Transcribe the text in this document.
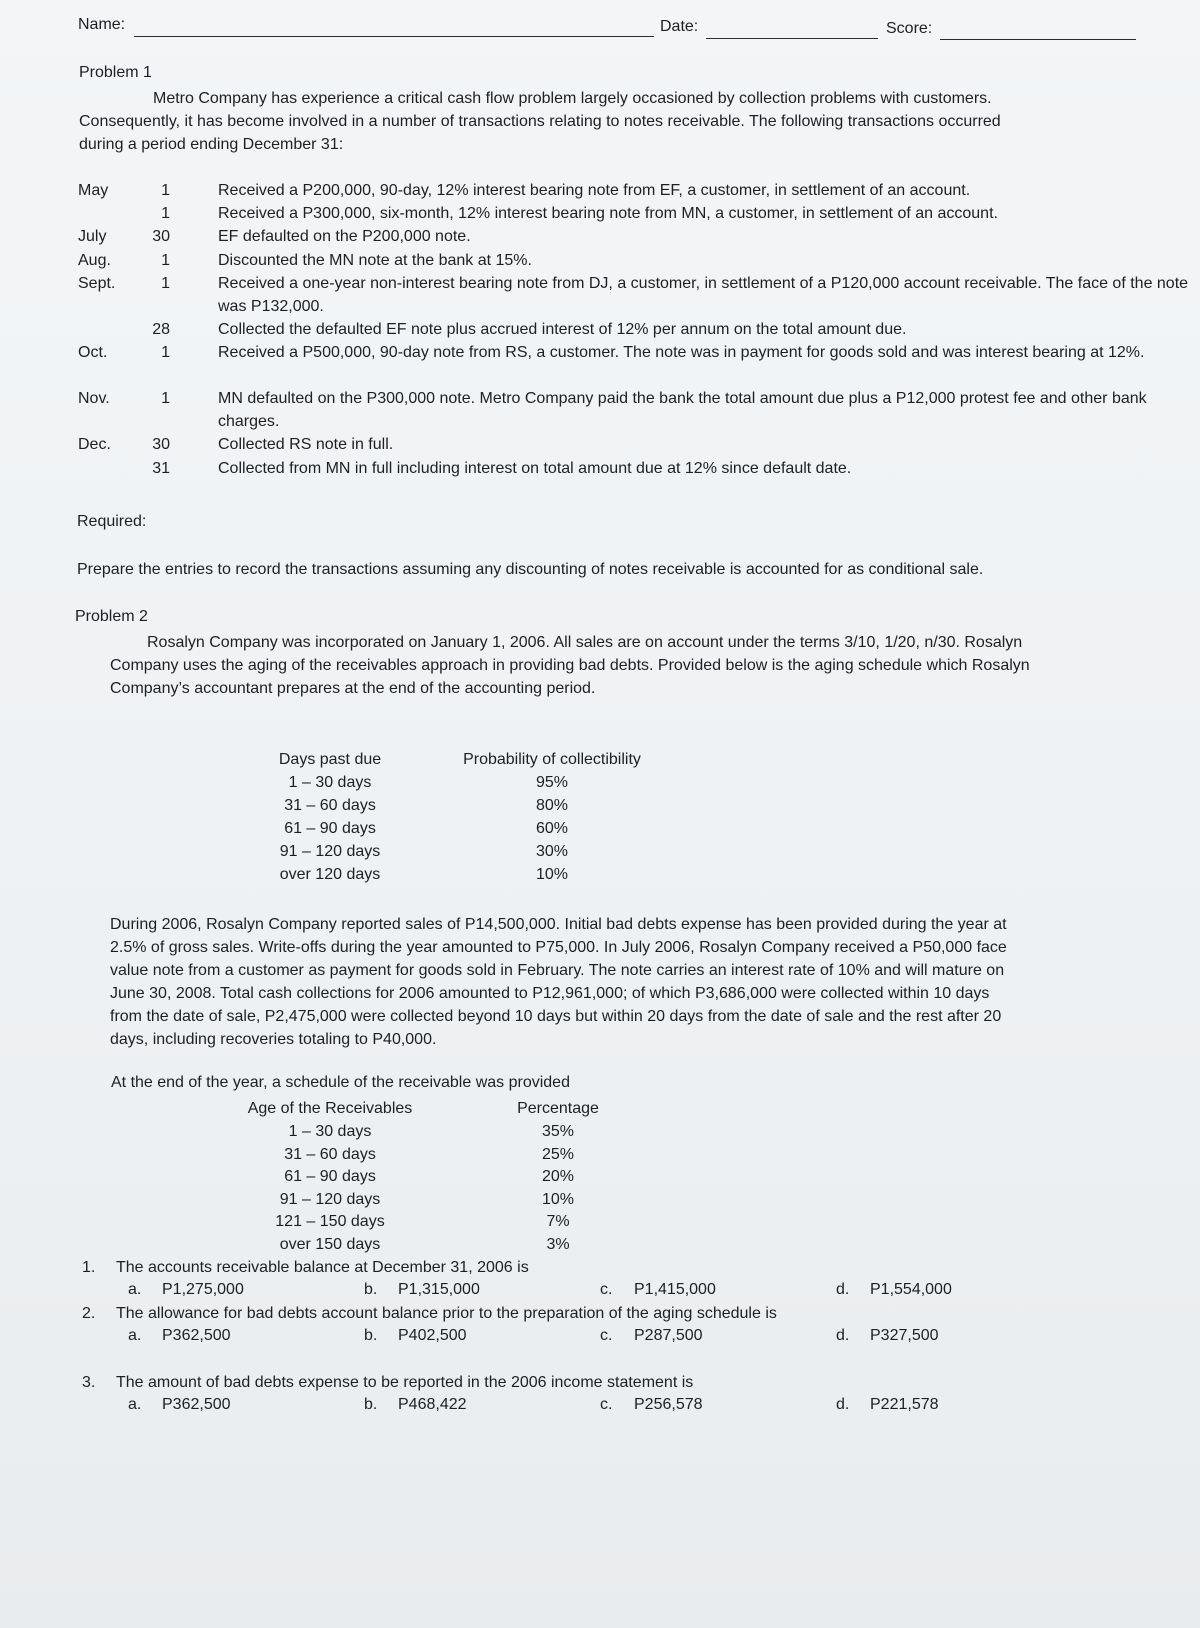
Name:	Date:	Score:
Problem 1
Metro Company has experience a critical cash flow problem largely occasioned by collection problems with customers.
Consequently, it has become involved in a number of transactions relating to notes receivable. The following transactions occurred
during a period ending December 31:
May	1	Received a P200,000, 90-day, 12% interest bearing note from EF, a customer, in settlement of an account.
1	Received a P300,000, six-month, 12% interest bearing note from MN, a customer, in settlement of an account.
July	30	EF defaulted on the P200,000 note.
Aug.	1	Discounted the MN note at the bank at 15%.
Sept.	1	Received a one-year non-interest bearing note from DJ, a customer, in settlement of a P120,000 account receivable. The face of the note was P132,000.
28	Collected the defaulted EF note plus accrued interest of 12% per annum on the total amount due.
Oct.	1	Received a P500,000, 90-day note from RS, a customer. The note was in payment for goods sold and was interest bearing at 12%.
Nov.	1	MN defaulted on the P300,000 note. Metro Company paid the bank the total amount due plus a P12,000 protest fee and other bank charges.
Dec.	30	Collected RS note in full.
31	Collected from MN in full including interest on total amount due at 12% since default date.
Required:
Prepare the entries to record the transactions assuming any discounting of notes receivable is accounted for as conditional sale.
Problem 2
Rosalyn Company was incorporated on January 1, 2006. All sales are on account under the terms 3/10, 1/20, n/30. Rosalyn
Company uses the aging of the receivables approach in providing bad debts. Provided below is the aging schedule which Rosalyn
Company’s accountant prepares at the end of the accounting period.
Days past due	Probability of collectibility
1 – 30 days	95%
31 – 60 days	80%
61 – 90 days	60%
91 – 120 days	30%
over 120 days	10%
During 2006, Rosalyn Company reported sales of P14,500,000. Initial bad debts expense has been provided during the year at
2.5% of gross sales. Write-offs during the year amounted to P75,000. In July 2006, Rosalyn Company received a P50,000 face
value note from a customer as payment for goods sold in February. The note carries an interest rate of 10% and will mature on
June 30, 2008. Total cash collections for 2006 amounted to P12,961,000; of which P3,686,000 were collected within 10 days
from the date of sale, P2,475,000 were collected beyond 10 days but within 20 days from the date of sale and the rest after 20
days, including recoveries totaling to P40,000.
At the end of the year, a schedule of the receivable was provided
Age of the Receivables	Percentage
1 – 30 days	35%
31 – 60 days	25%
61 – 90 days	20%
91 – 120 days	10%
121 – 150 days	7%
over 150 days	3%
1. The accounts receivable balance at December 31, 2006 is
a. P1,275,000	b. P1,315,000	c. P1,415,000	d. P1,554,000
2. The allowance for bad debts account balance prior to the preparation of the aging schedule is
a. P362,500	b. P402,500	c. P287,500	d. P327,500
3. The amount of bad debts expense to be reported in the 2006 income statement is
a. P362,500	b. P468,422	c. P256,578	d. P221,578
